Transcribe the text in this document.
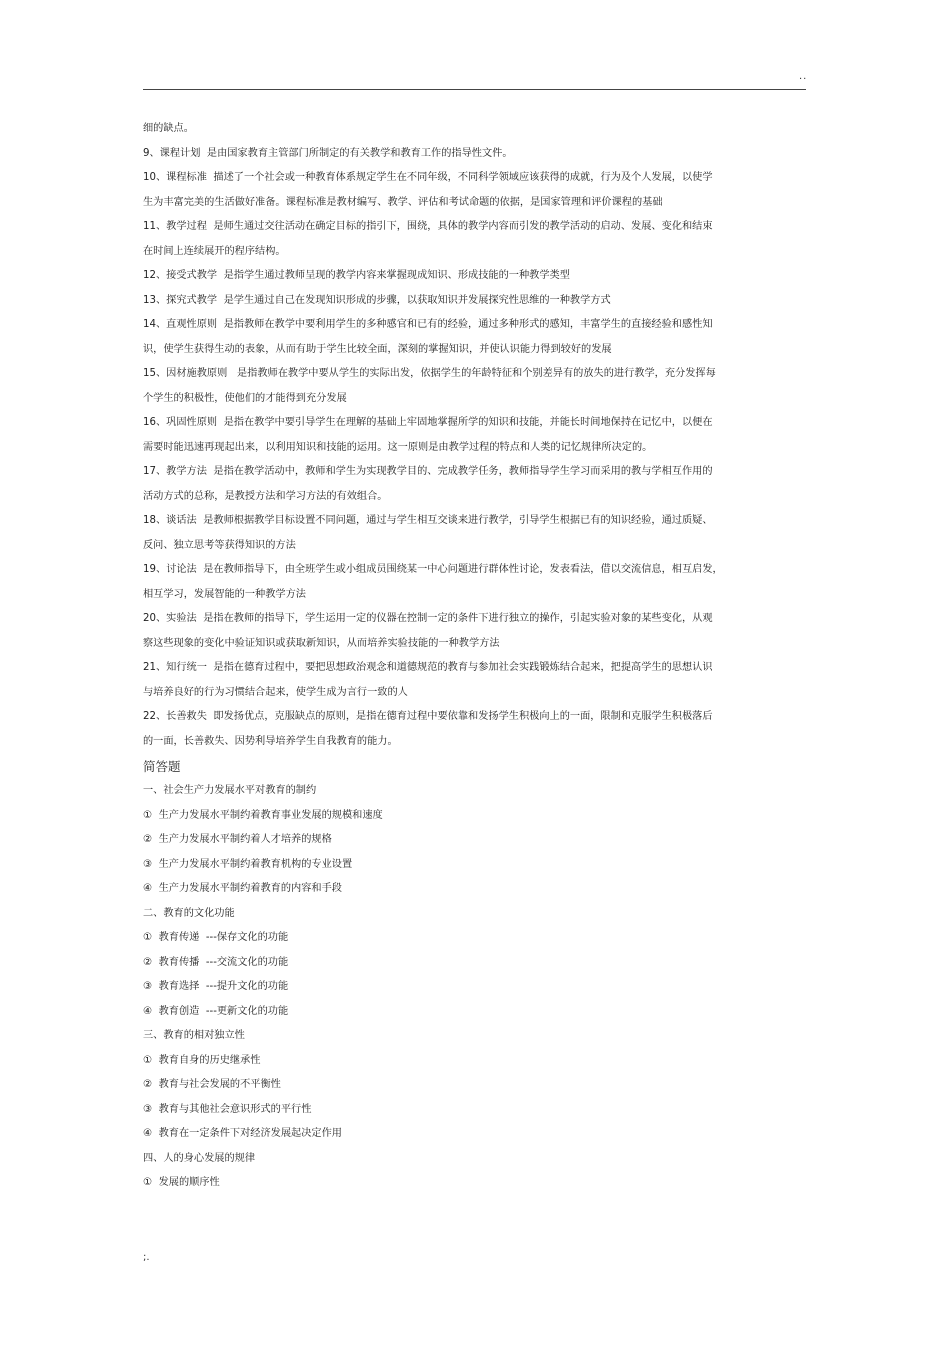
..
细的缺点。
9、课程计划  是由国家教育主管部门所制定的有关教学和教育工作的指导性文件。
10、课程标准  描述了一个社会或一种教育体系规定学生在不同年级，不同科学领域应该获得的成就，行为及个人发展，以使学
生为丰富完美的生活做好准备。课程标准是教材编写、教学、评估和考试命题的依据，是国家管理和评价课程的基础
11、教学过程  是师生通过交往活动在确定目标的指引下，围绕，具体的教学内容而引发的教学活动的启动、发展、变化和结束
在时间上连续展开的程序结构。
12、接受式教学  是指学生通过教师呈现的教学内容来掌握现成知识、形成技能的一种教学类型
13、探究式教学  是学生通过自己在发现知识形成的步骤，以获取知识并发展探究性思维的一种教学方式
14、直观性原则  是指教师在教学中要利用学生的多种感官和已有的经验，通过多种形式的感知，丰富学生的直接经验和感性知
识，使学生获得生动的表象，从而有助于学生比较全面，深刻的掌握知识，并使认识能力得到较好的发展
15、因材施教原则   是指教师在教学中要从学生的实际出发，依据学生的年龄特征和个别差异有的放失的进行教学，充分发挥每
个学生的积极性，使他们的才能得到充分发展
16、巩固性原则  是指在教学中要引导学生在理解的基础上牢固地掌握所学的知识和技能，并能长时间地保持在记忆中，以便在
需要时能迅速再现起出来，以利用知识和技能的运用。这一原则是由教学过程的特点和人类的记忆规律所决定的。
17、教学方法  是指在教学活动中，教师和学生为实现教学目的、完成教学任务，教师指导学生学习而采用的教与学相互作用的
活动方式的总称，是教授方法和学习方法的有效组合。
18、谈话法  是教师根据教学目标设置不同问题，通过与学生相互交谈来进行教学，引导学生根据已有的知识经验，通过质疑、
反问、独立思考等获得知识的方法
19、讨论法  是在教师指导下，由全班学生或小组成员围绕某一中心问题进行群体性讨论，发表看法，借以交流信息，相互启发，
相互学习，发展智能的一种教学方法
20、实验法  是指在教师的指导下，学生运用一定的仪器在控制一定的条件下进行独立的操作，引起实验对象的某些变化，从观
察这些现象的变化中验证知识或获取新知识，从而培养实验技能的一种教学方法
21、知行统一  是指在德育过程中，要把思想政治观念和道德规范的教育与参加社会实践锻炼结合起来，把提高学生的思想认识
与培养良好的行为习惯结合起来，使学生成为言行一致的人
22、长善救失  即发扬优点，克服缺点的原则，是指在德育过程中要依靠和发扬学生积极向上的一面，限制和克服学生积极落后
的一面，长善救失、因势利导培养学生自我教育的能力。
简答题
一、社会生产力发展水平对教育的制约
①  生产力发展水平制约着教育事业发展的规模和速度
②  生产力发展水平制约着人才培养的规格
③  生产力发展水平制约着教育机构的专业设置
④  生产力发展水平制约着教育的内容和手段
二、教育的文化功能
①  教育传递  ---保存文化的功能
②  教育传播  ---交流文化的功能
③  教育选择  ---提升文化的功能
④  教育创造  ---更新文化的功能
三、教育的相对独立性
①  教育自身的历史继承性
②  教育与社会发展的不平衡性
③  教育与其他社会意识形式的平行性
④  教育在一定条件下对经济发展起决定作用
四、人的身心发展的规律
①  发展的顺序性
;.
